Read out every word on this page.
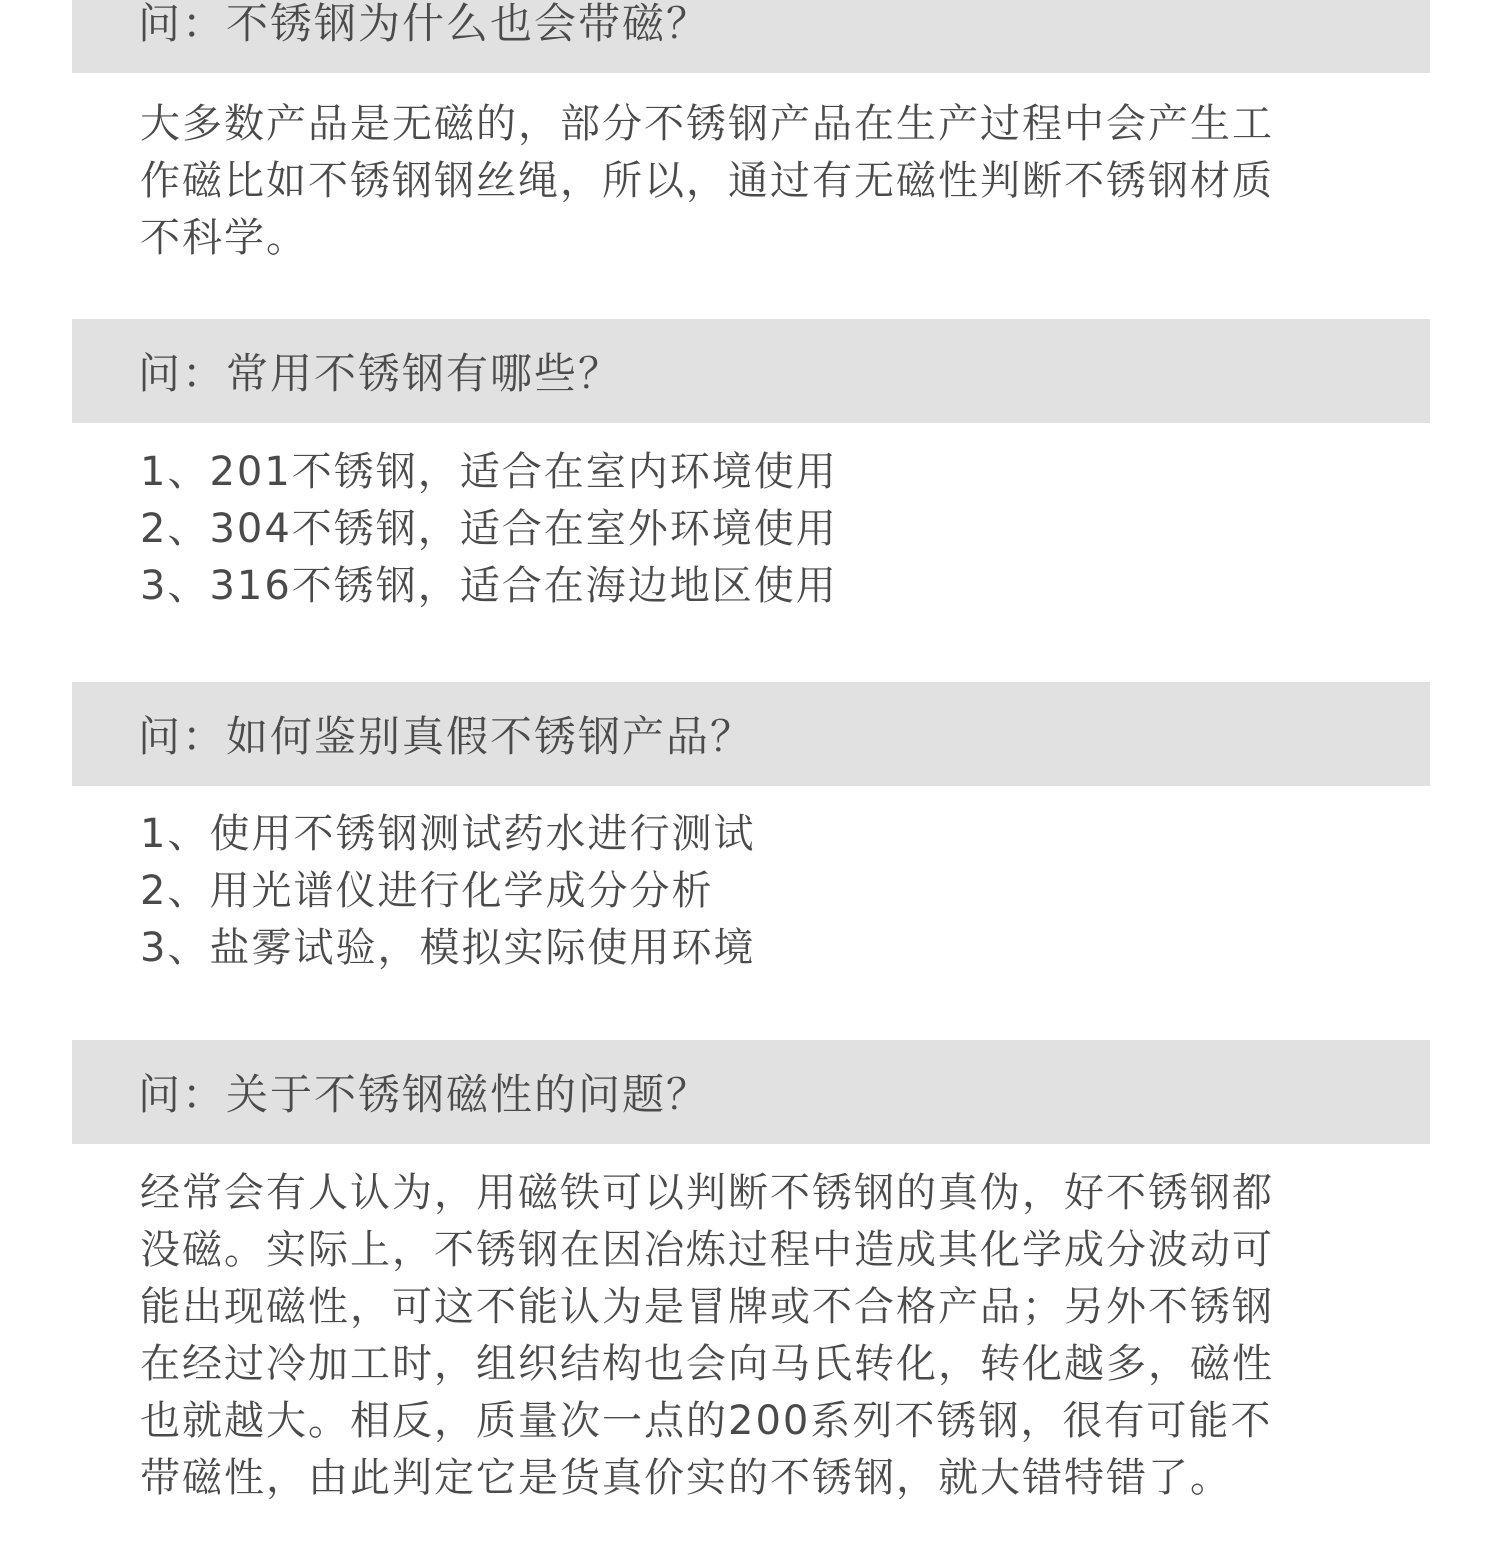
问：不锈钢为什么也会带磁？
大多数产品是无磁的，部分不锈钢产品在生产过程中会产生工
作磁比如不锈钢钢丝绳，所以，通过有无磁性判断不锈钢材质
不科学。
问：常用不锈钢有哪些？
1、201不锈钢，适合在室内环境使用
2、304不锈钢，适合在室外环境使用
3、316不锈钢，适合在海边地区使用
问：如何鉴别真假不锈钢产品？
1、使用不锈钢测试药水进行测试
2、用光谱仪进行化学成分分析
3、盐雾试验，模拟实际使用环境
问：关于不锈钢磁性的问题？
经常会有人认为，用磁铁可以判断不锈钢的真伪，好不锈钢都
没磁。实际上，不锈钢在因冶炼过程中造成其化学成分波动可
能出现磁性，可这不能认为是冒牌或不合格产品；另外不锈钢
在经过冷加工时，组织结构也会向马氏转化，转化越多，磁性
也就越大。相反，质量次一点的200系列不锈钢，很有可能不
带磁性，由此判定它是货真价实的不锈钢，就大错特错了。
